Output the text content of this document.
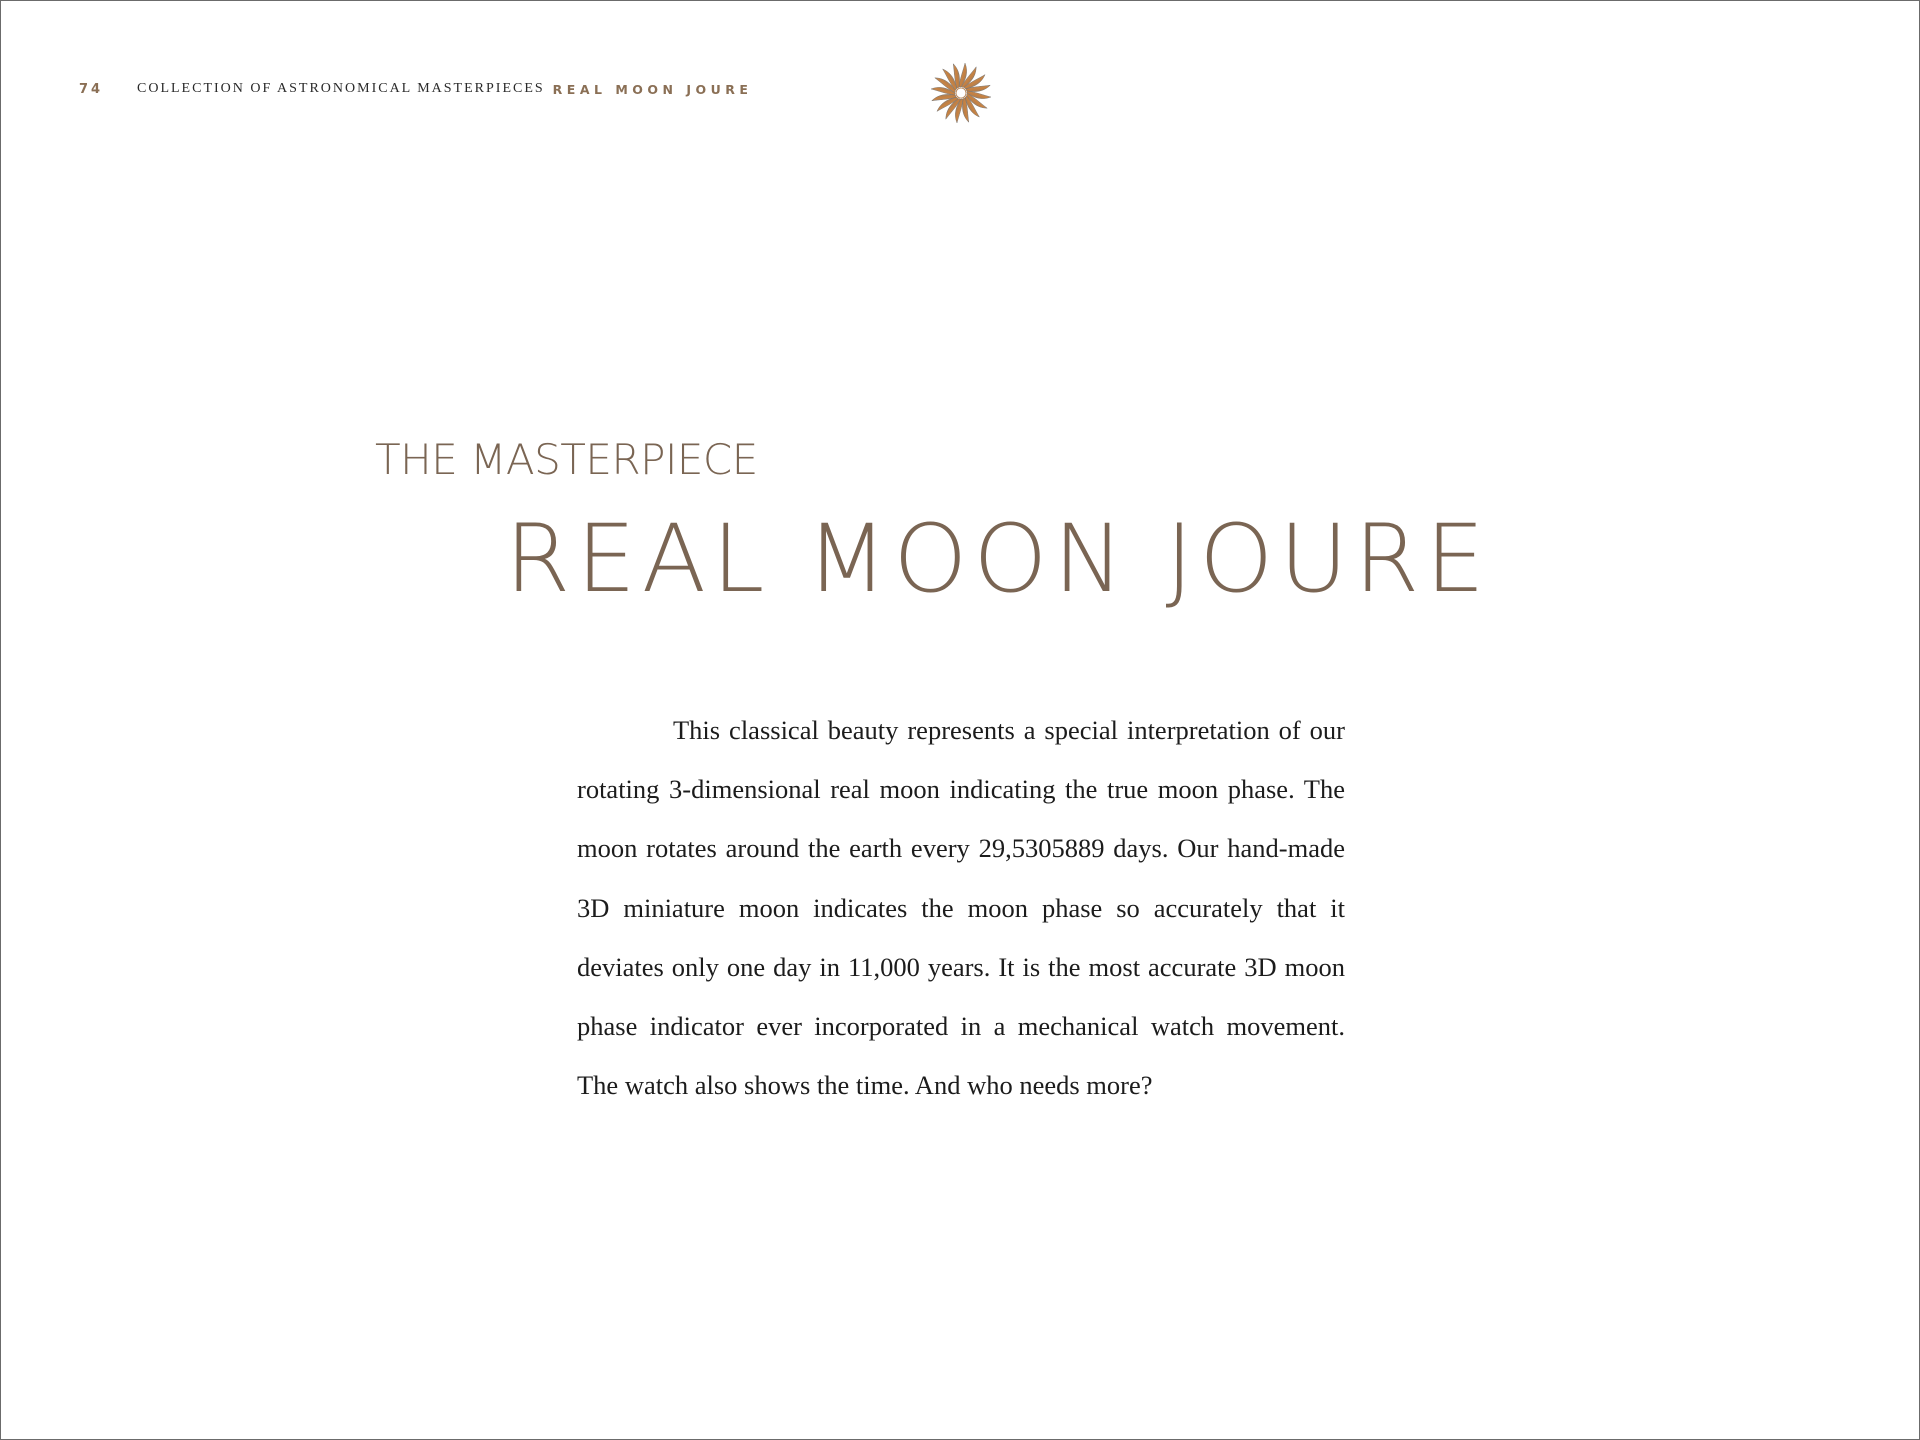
74	COLLECTION OF ASTRONOMICAL MASTERPIECES REAL MOON JOURE
THE MASTERPIECE
REAL MOON JOURE

This classical beauty represents a special interpretation of our rotating 3-dimensional real moon indicating the true moon phase. The moon rotates around the earth every 29,5305889 days. Our hand-made 3D miniature moon indicates the moon phase so accurately that it deviates only one day in 11,000 years. It is the most accurate 3D moon phase indicator ever incorporated in a mechanical watch movement. The watch also shows the time. And who needs more?
